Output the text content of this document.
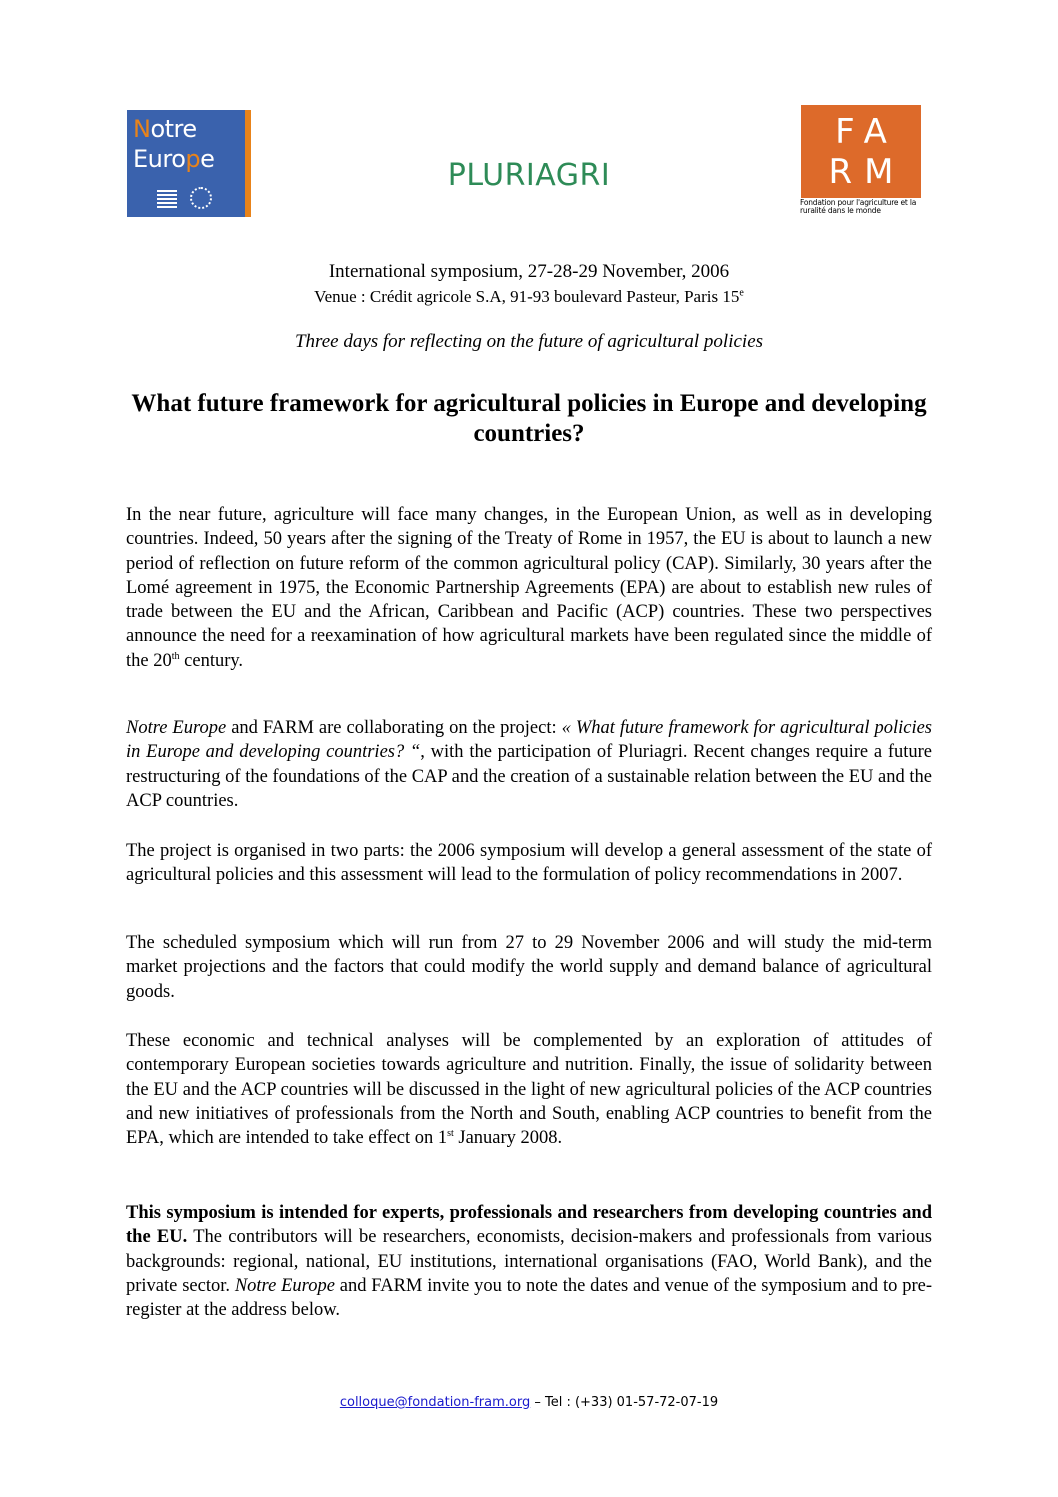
Notre
Europe	PLURIAGRI
FA
RM
Fondation pour l'agriculture et la ruralité dans le monde
International symposium, 27-28-29 November, 2006
Venue : Crédit agricole S.A, 91-93 boulevard Pasteur, Paris 15e
Three days for reflecting on the future of agricultural policies
What future framework for agricultural policies in Europe and developing countries?
In the near future, agriculture will face many changes, in the European Union, as well as in developing countries. Indeed, 50 years after the signing of the Treaty of Rome in 1957, the EU is about to launch a new period of reflection on future reform of the common agricultural policy (CAP). Similarly, 30 years after the Lomé agreement in 1975, the Economic Partnership Agreements (EPA) are about to establish new rules of trade between the EU and the African, Caribbean and Pacific (ACP) countries. These two perspectives announce the need for a reexamination of how agricultural markets have been regulated since the middle of the 20th century.
Notre Europe and FARM are collaborating on the project: « What future framework for agricultural policies in Europe and developing countries? “, with the participation of Pluriagri. Recent changes require a future restructuring of the foundations of the CAP and the creation of a sustainable relation between the EU and the ACP countries.
The project is organised in two parts: the 2006 symposium will develop a general assessment of the state of agricultural policies and this assessment will lead to the formulation of policy recommendations in 2007.
The scheduled symposium which will run from 27 to 29 November 2006 and will study the mid-term market projections and the factors that could modify the world supply and demand balance of agricultural goods.
These economic and technical analyses will be complemented by an exploration of attitudes of contemporary European societies towards agriculture and nutrition. Finally, the issue of solidarity between the EU and the ACP countries will be discussed in the light of new agricultural policies of the ACP countries and new initiatives of professionals from the North and South, enabling ACP countries to benefit from the EPA, which are intended to take effect on 1st January 2008.
This symposium is intended for experts, professionals and researchers from developing countries and the EU. The contributors will be researchers, economists, decision-makers and professionals from various backgrounds: regional, national, EU institutions, international organisations (FAO, World Bank), and the private sector. Notre Europe and FARM invite you to note the dates and venue of the symposium and to pre- register at the address below.
colloque@fondation-fram.org – Tel : (+33) 01-57-72-07-19
